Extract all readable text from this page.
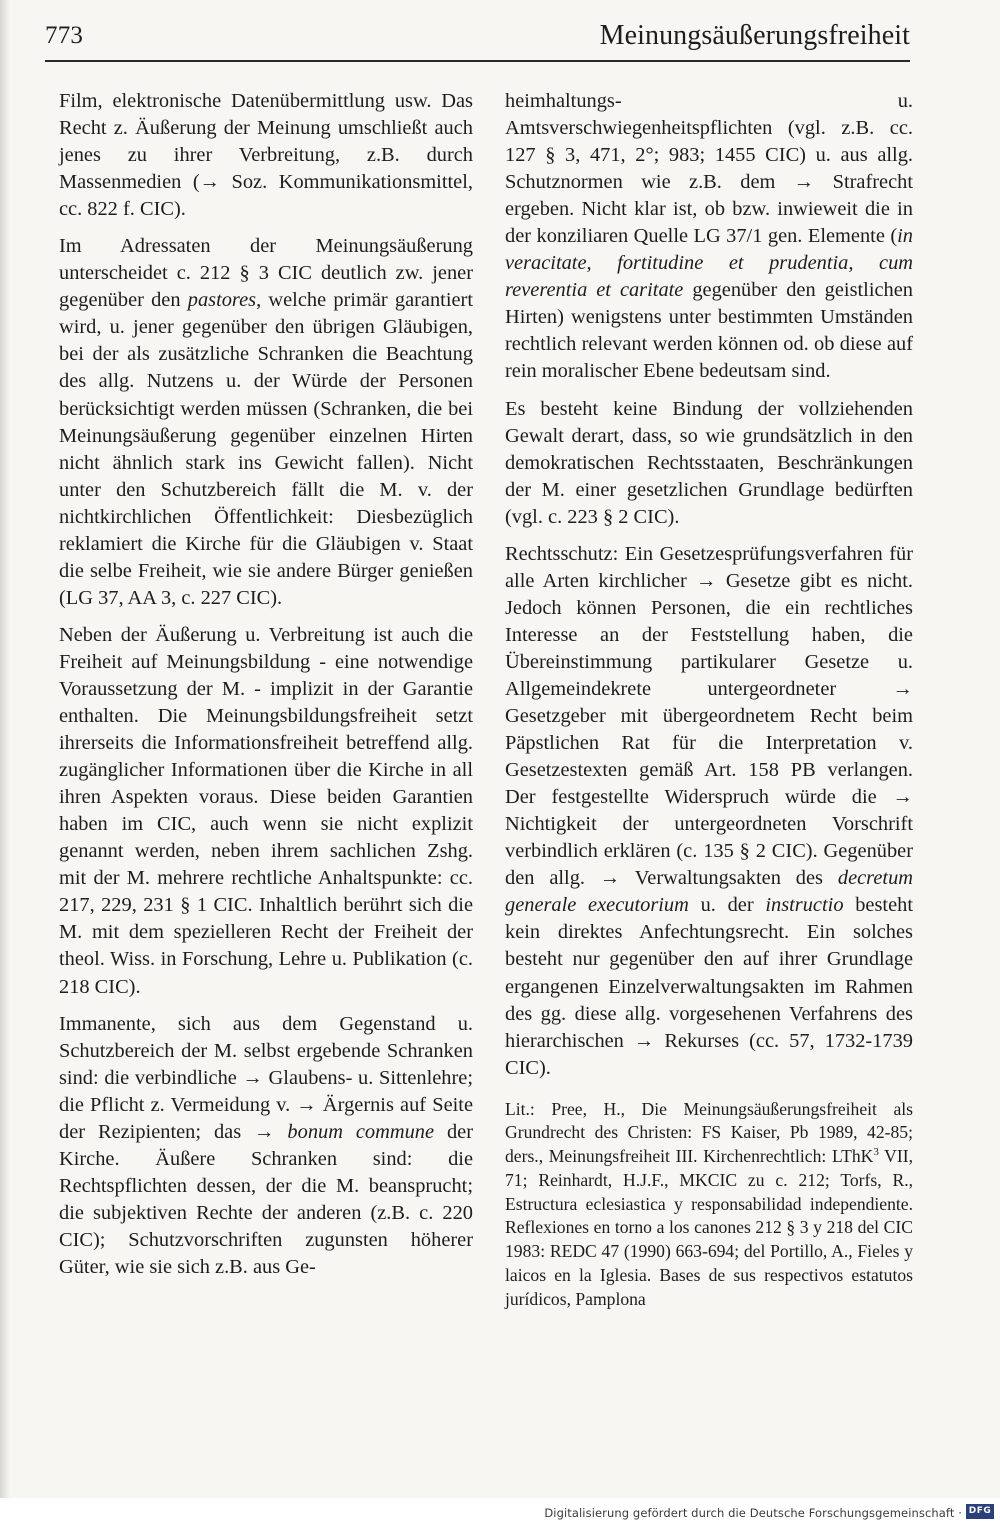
773	Meinungsäußerungsfreiheit

Film, elektronische Datenübermittlung usw. Das Recht z. Äußerung der Meinung umschließt auch jenes zu ihrer Verbreitung, z.B. durch Massenmedien (→ Soz. Kommunikationsmittel, cc. 822 f. CIC).

Im Adressaten der Meinungsäußerung unterscheidet c. 212 § 3 CIC deutlich zw. jener gegenüber den pastores, welche primär garantiert wird, u. jener gegenüber den übrigen Gläubigen, bei der als zusätzliche Schranken die Beachtung des allg. Nutzens u. der Würde der Personen berücksichtigt werden müssen (Schranken, die bei Meinungsäußerung gegenüber einzelnen Hirten nicht ähnlich stark ins Gewicht fallen). Nicht unter den Schutzbereich fällt die M. v. der nichtkirchlichen Öffentlichkeit: Diesbezüglich reklamiert die Kirche für die Gläubigen v. Staat die selbe Freiheit, wie sie andere Bürger genießen (LG 37, AA 3, c. 227 CIC).

Neben der Äußerung u. Verbreitung ist auch die Freiheit auf Meinungsbildung - eine notwendige Voraussetzung der M. - implizit in der Garantie enthalten. Die Meinungsbildungsfreiheit setzt ihrerseits die Informationsfreiheit betreffend allg. zugänglicher Informationen über die Kirche in all ihren Aspekten voraus. Diese beiden Garantien haben im CIC, auch wenn sie nicht explizit genannt werden, neben ihrem sachlichen Zshg. mit der M. mehrere rechtliche Anhaltspunkte: cc. 217, 229, 231 § 1 CIC. Inhaltlich berührt sich die M. mit dem spezielleren Recht der Freiheit der theol. Wiss. in Forschung, Lehre u. Publikation (c. 218 CIC).

Immanente, sich aus dem Gegenstand u. Schutzbereich der M. selbst ergebende Schranken sind: die verbindliche → Glaubens- u. Sittenlehre; die Pflicht z. Vermeidung v. → Ärgernis auf Seite der Rezipienten; das → bonum commune der Kirche. Äußere Schranken sind: die Rechtspflichten dessen, der die M. beansprucht; die subjektiven Rechte der anderen (z.B. c. 220 CIC); Schutzvorschriften zugunsten höherer Güter, wie sie sich z.B. aus Ge-

heimhaltungs- u. Amtsverschwiegenheitspflichten (vgl. z.B. cc. 127 § 3, 471, 2°; 983; 1455 CIC) u. aus allg. Schutznormen wie z.B. dem → Strafrecht ergeben. Nicht klar ist, ob bzw. inwieweit die in der konziliaren Quelle LG 37/1 gen. Elemente (in veracitate, fortitudine et prudentia, cum reverentia et caritate gegenüber den geistlichen Hirten) wenigstens unter bestimmten Umständen rechtlich relevant werden können od. ob diese auf rein moralischer Ebene bedeutsam sind.

Es besteht keine Bindung der vollziehenden Gewalt derart, dass, so wie grundsätzlich in den demokratischen Rechtsstaaten, Beschränkungen der M. einer gesetzlichen Grundlage bedürften (vgl. c. 223 § 2 CIC).

Rechtsschutz: Ein Gesetzesprüfungsverfahren für alle Arten kirchlicher → Gesetze gibt es nicht. Jedoch können Personen, die ein rechtliches Interesse an der Feststellung haben, die Übereinstimmung partikularer Gesetze u. Allgemeindekrete untergeordneter → Gesetzgeber mit übergeordnetem Recht beim Päpstlichen Rat für die Interpretation v. Gesetzestexten gemäß Art. 158 PB verlangen. Der festgestellte Widerspruch würde die → Nichtigkeit der untergeordneten Vorschrift verbindlich erklären (c. 135 § 2 CIC). Gegenüber den allg. → Verwaltungsakten des decretum generale executorium u. der instructio besteht kein direktes Anfechtungsrecht. Ein solches besteht nur gegenüber den auf ihrer Grundlage ergangenen Einzelverwaltungsakten im Rahmen des gg. diese allg. vorgesehenen Verfahrens des hierarchischen → Rekurses (cc. 57, 1732-1739 CIC).

Lit.: Pree, H., Die Meinungsäußerungsfreiheit als Grundrecht des Christen: FS Kaiser, Pb 1989, 42-85; ders., Meinungsfreiheit III. Kirchenrechtlich: LThK$^3$ VII, 71; Reinhardt, H.J.F., MKCIC zu c. 212; Torfs, R., Estructura eclesiastica y responsabilidad independiente. Reflexiones en torno a los canones 212 § 3 y 218 del CIC 1983: REDC 47 (1990) 663-694; del Portillo, A., Fieles y laicos en la Iglesia. Bases de sus respectivos estatutos jurídicos, Pamplona

Digitalisierung gefördert durch die Deutsche Forschungsgemeinschaft · DFG
